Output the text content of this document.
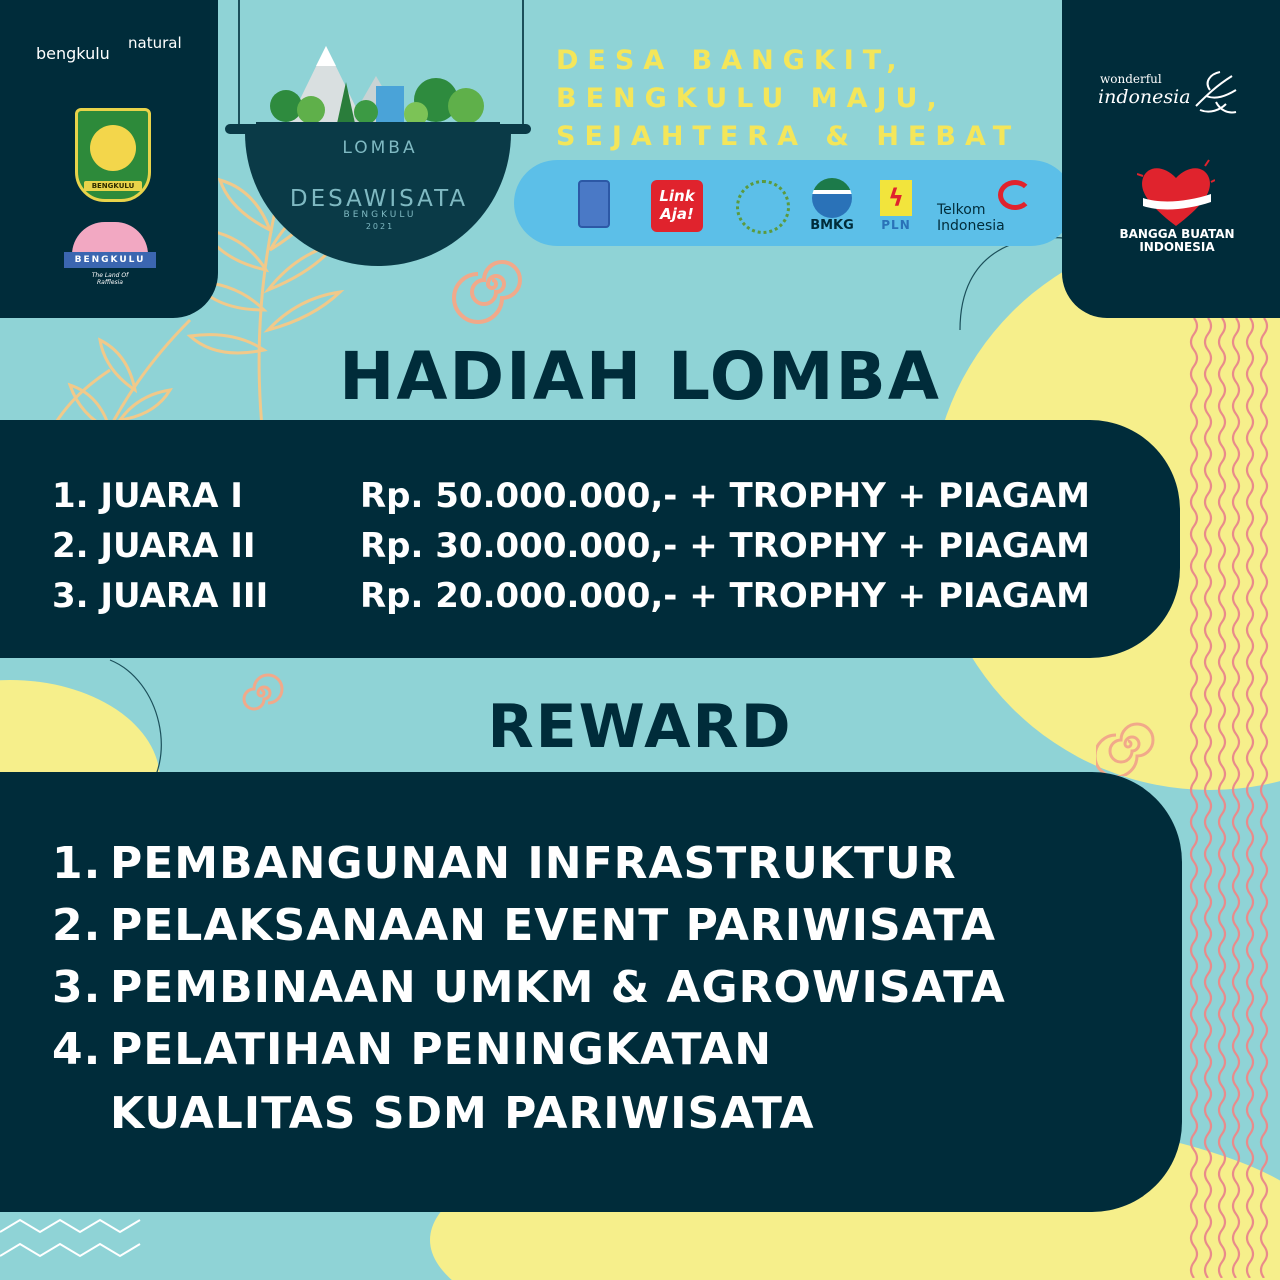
bengkulu
natural
BENGKULU
BENGKULU
The Land Of Rafflesia
LOMBA
DESAWISATA
BENGKULU
2021
DESA BANGKIT,
BENGKULU MAJU,
SEJAHTERA & HEBAT
Link Aja!
BMKG
ϟ
PLN
Telkom
Indonesia
wonderful
indonesia
BANGGA BUATAN INDONESIA
HADIAH LOMBA
1. JUARA I	Rp. 50.000.000,- + TROPHY + PIAGAM
2. JUARA II	Rp. 30.000.000,- + TROPHY + PIAGAM
3. JUARA III	Rp. 20.000.000,- + TROPHY + PIAGAM
REWARD
1. PEMBANGUNAN INFRASTRUKTUR
2. PELAKSANAAN EVENT PARIWISATA
3. PEMBINAAN UMKM & AGROWISATA
4. PELATIHAN PENINGKATAN
KUALITAS SDM PARIWISATA
